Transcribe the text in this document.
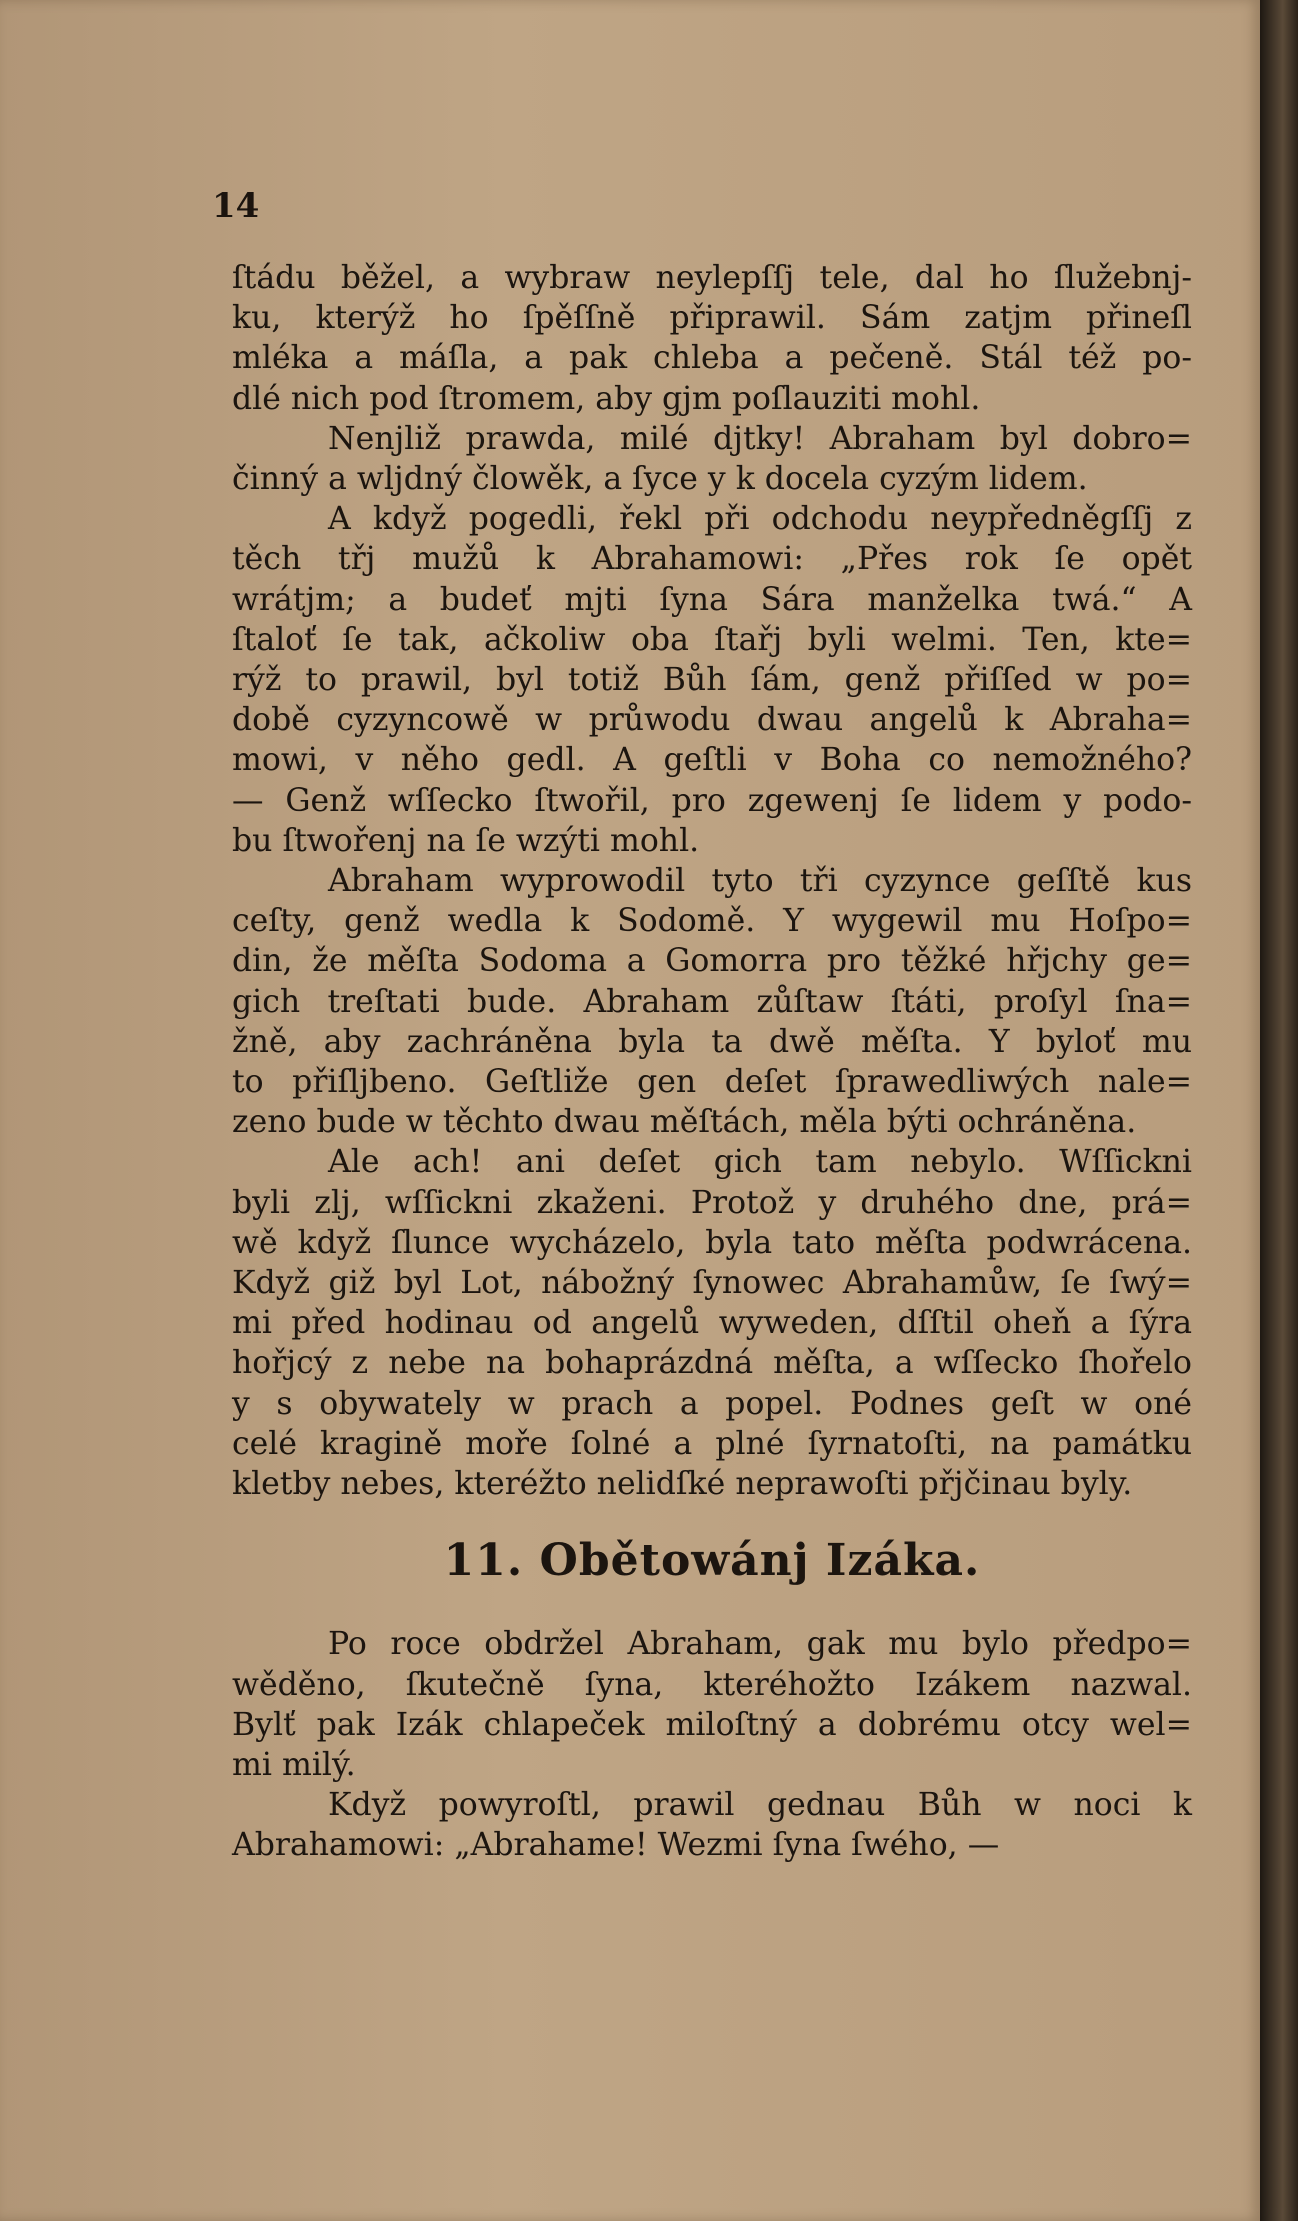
14
ſtádu běžel, a wybraw neylepſſj tele, dal ho ſlužebnj-
ku, kterýž ho ſpěſſně připrawil. Sám zatjm přineſl
mléka a máſla, a pak chleba a pečeně. Stál též po-
dlé nich pod ſtromem, aby gjm poſlauziti mohl.
Nenjliž prawda, milé djtky! Abraham byl dobro=
činný a wljdný člowěk, a ſyce y k docela cyzým lidem.
A když pogedli, řekl při odchodu neypředněgſſj z
těch třj mužů k Abrahamowi: „Přes rok ſe opět
wrátjm; a budeť mjti ſyna Sára manželka twá.“ A
ſtaloť ſe tak, ačkoliw oba ſtařj byli welmi. Ten, kte=
rýž to prawil, byl totiž Bůh ſám, genž přiſſed w po=
době cyzyncowě w průwodu dwau angelů k Abraha=
mowi, v něho gedl. A geſtli v Boha co nemožného?
— Genž wſſecko ſtwořil, pro zgewenj ſe lidem y podo-
bu ſtwořenj na ſe wzýti mohl.
Abraham wyprowodil tyto tři cyzynce geſſtě kus
ceſty, genž wedla k Sodomě. Y wygewil mu Hoſpo=
din, že měſta Sodoma a Gomorra pro těžké hřjchy ge=
gich treſtati bude. Abraham zůſtaw ſtáti, proſyl ſna=
žně, aby zachráněna byla ta dwě měſta. Y byloť mu
to přiſljbeno. Geſtliže gen deſet ſprawedliwých nale=
zeno bude w těchto dwau měſtách, měla býti ochráněna.
Ale ach! ani deſet gich tam nebylo. Wſſickni
byli zlj, wſſickni zkaženi. Protož y druhého dne, prá=
wě když ſlunce wycházelo, byla tato měſta podwrácena.
Když giž byl Lot, nábožný ſynowec Abrahamůw, ſe ſwý=
mi před hodinau od angelů wyweden, dſſtil oheň a ſýra
hořjcý z nebe na bohaprázdná měſta, a wſſecko ſhořelo
y s obywately w prach a popel. Podnes geſt w oné
celé kragině moře ſolné a plné ſyrnatoſti, na památku
kletby nebes, kteréžto nelidſké neprawoſti přjčinau byly.
11. Obětowánj Izáka.
Po roce obdržel Abraham, gak mu bylo předpo=
wěděno, ſkutečně ſyna, kteréhožto Izákem nazwal.
Bylť pak Izák chlapeček miloſtný a dobrému otcy wel=
mi milý.
Když powyroſtl, prawil gednau Bůh w noci k
Abrahamowi: „Abrahame! Wezmi ſyna ſwého, —
